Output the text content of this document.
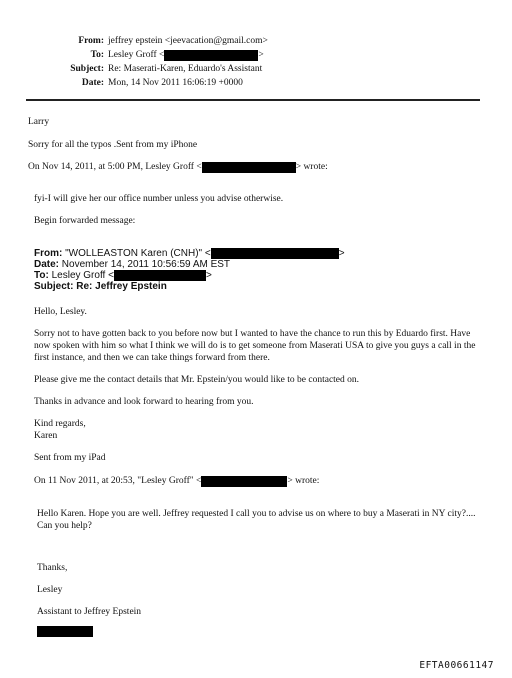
From: jeffrey epstein <jeevacation@gmail.com>
To: Lesley Groff <	>
Subject: Re: Maserati-Karen, Eduardo's Assistant
Date: Mon, 14 Nov 2011 16:06:19 +0000
Larry
Sorry for all the typos .Sent from my iPhone
On Nov 14, 2011, at 5:00 PM, Lesley Groff <	> wrote:
fyi-I will give her our office number unless you advise otherwise.
Begin forwarded message:
From:
"WOLLEASTON Karen (CNH)" <	>
Date: November 14, 2011 10:56:59 AM EST
To:
Lesley Groff <	>
Subject: Re: Jeffrey Epstein
Hello, Lesley.
Sorry not to have gotten back to you before now but I wanted to have the chance to run this by Eduardo first. Have now spoken with him so what I think we will do is to get someone from Maserati USA to give you guys a call in the first instance, and then we can take things forward from there.
Please give me the contact details that Mr. Epstein/you would like to be contacted on.
Thanks in advance and look forward to hearing from you.
Kind regards,
Karen
Sent from my iPad
On 11 Nov 2011, at 20:53, "Lesley Groff" <	> wrote:
Hello Karen. Hope you are well. Jeffrey requested I call you to advise us on where to buy a Maserati in NY city?.... Can you help?
Thanks,
Lesley
Assistant to Jeffrey Epstein
EFTA00661147
